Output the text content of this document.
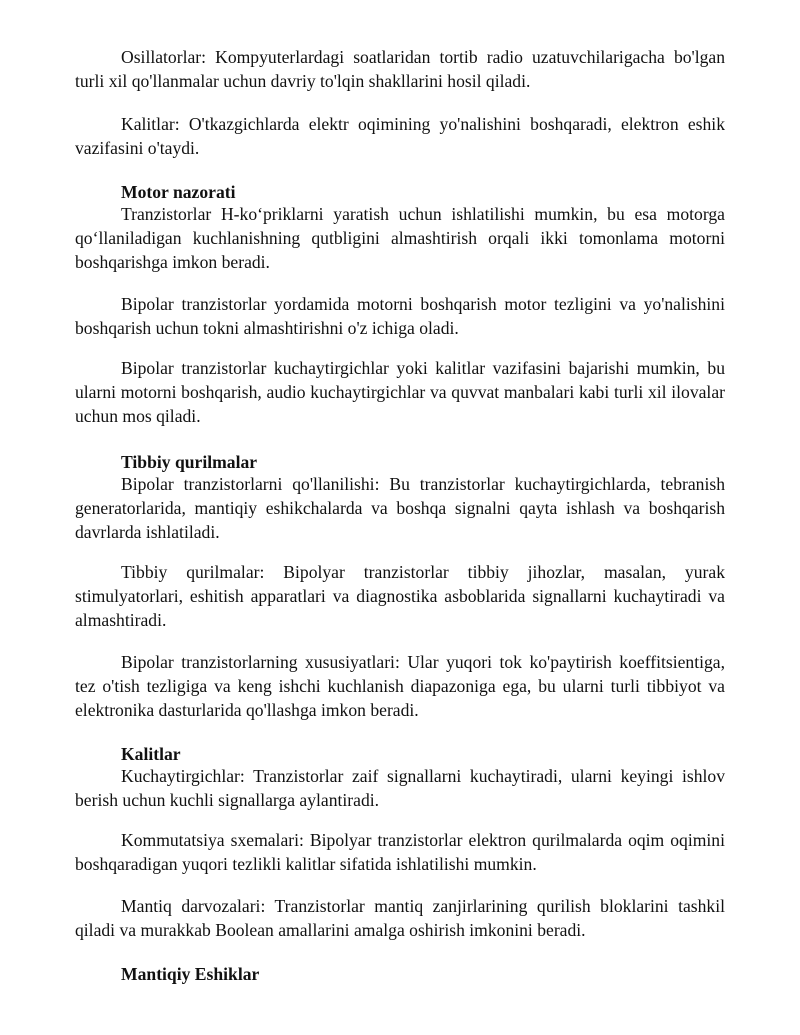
Osillatorlar: Kompyuterlardagi soatlaridan tortib radio uzatuvchilarigacha bo'lgan turli xil qo'llanmalar uchun davriy to'lqin shakllarini hosil qiladi.

Kalitlar: O'tkazgichlarda elektr oqimining yo'nalishini boshqaradi, elektron eshik vazifasini o'taydi.

Motor nazorati

Tranzistorlar H-ko‘priklarni yaratish uchun ishlatilishi mumkin, bu esa motorga qo‘llaniladigan kuchlanishning qutbligini almashtirish orqali ikki tomonlama motorni boshqarishga imkon beradi.

Bipolar tranzistorlar yordamida motorni boshqarish motor tezligini va yo'nalishini boshqarish uchun tokni almashtirishni o'z ichiga oladi.

Bipolar tranzistorlar kuchaytirgichlar yoki kalitlar vazifasini bajarishi mumkin, bu ularni motorni boshqarish, audio kuchaytirgichlar va quvvat manbalari kabi turli xil ilovalar uchun mos qiladi.

Tibbiy qurilmalar

Bipolar tranzistorlarni qo'llanilishi: Bu tranzistorlar kuchaytirgichlarda, tebranish generatorlarida, mantiqiy eshikchalarda va boshqa signalni qayta ishlash va boshqarish davrlarda ishlatiladi.

Tibbiy qurilmalar: Bipolyar tranzistorlar tibbiy jihozlar, masalan, yurak stimulyatorlari, eshitish apparatlari va diagnostika asboblarida signallarni kuchaytiradi va almashtiradi.

Bipolar tranzistorlarning xususiyatlari: Ular yuqori tok ko'paytirish koeffitsientiga, tez o'tish tezligiga va keng ishchi kuchlanish diapazoniga ega, bu ularni turli tibbiyot va elektronika dasturlarida qo'llashga imkon beradi.

Kalitlar

Kuchaytirgichlar: Tranzistorlar zaif signallarni kuchaytiradi, ularni keyingi ishlov berish uchun kuchli signallarga aylantiradi.

Kommutatsiya sxemalari: Bipolyar tranzistorlar elektron qurilmalarda oqim oqimini boshqaradigan yuqori tezlikli kalitlar sifatida ishlatilishi mumkin.

Mantiq darvozalari: Tranzistorlar mantiq zanjirlarining qurilish bloklarini tashkil qiladi va murakkab Boolean amallarini amalga oshirish imkonini beradi.

Mantiqiy Eshiklar
